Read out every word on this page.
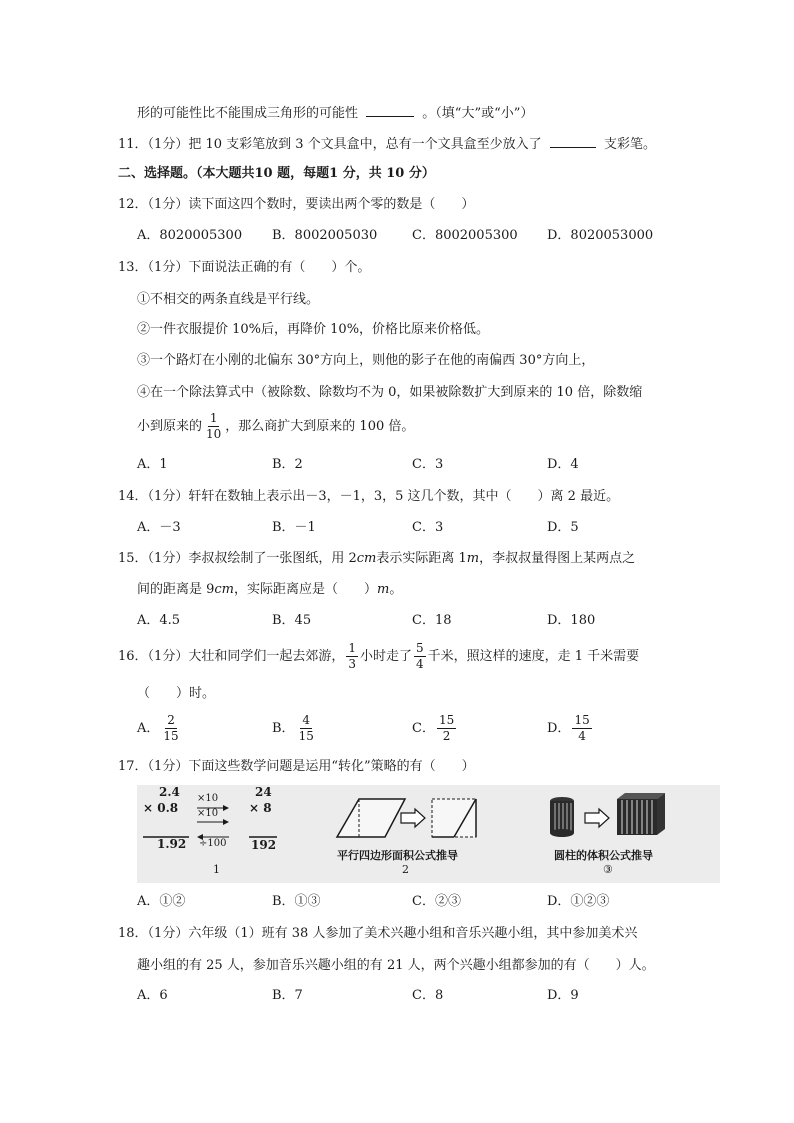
形的可能性比不能围成三角形的可能性	。（填“大”或“小”）
11．（1分）把 10 支彩笔放到 3 个文具盒中，总有一个文具盒至少放入了	支彩笔。
二、选择题。（本大题共10 题，每题1 分，共 10 分）
12．（1分）读下面这四个数时，要读出两个零的数是（　　）
A．8020005300 B．8002005030	C．8002005300 D．8020053000
13．（1分）下面说法正确的有（　　）个。
①不相交的两条直线是平行线。
②一件衣服提价 10%后，再降价 10%，价格比原来价格低。
③一个路灯在小刚的北偏东 30°方向上，则他的影子在他的南偏西 30°方向上，
④在一个除法算式中（被除数、除数均不为 0，如果被除数扩大到原来的 10 倍，除数缩
小到原来的 $\frac{1}{10}$ ，那么商扩大到原来的 100 倍。
A．1	B．2	C．3	D．4
14．（1分）轩轩在数轴上表示出－3，－1，3，5 这几个数，其中（　　）离 2 最近。
A．－3	B．－1	C．3	D．5
15．（1分）李叔叔绘制了一张图纸，用 2cm表示实际距离 1m，李叔叔量得图上某两点之
间的距离是 9cm，实际距离应是（　　）m。
A．4.5	B．45	C．18	D．180
16．（1分）大壮和同学们一起去郊游， $\frac{1}{3}$ 小时走了 $\frac{5}{4}$ 千米，照这样的速度，走 1 千米需要
（　　）时。
A． $\frac{2}{15}$	B． $\frac{4}{15}$	C． $\frac{15}{2}$	D． $\frac{15}{4}$
17．（1分）下面这些数学问题是运用“转化”策略的有（　　）
2.4
× 0.8
1.92
×10
×10
÷100
24
× 8
192
1
平行四边形面积公式推导
2
圆柱的体积公式推导
③
A．①②	B．①③	C．②③	D．①②③
18．（1分）六年级（1）班有 38 人参加了美术兴趣小组和音乐兴趣小组，其中参加美术兴
趣小组的有 25 人，参加音乐兴趣小组的有 21 人，两个兴趣小组都参加的有（　　）人。
A．6	B．7	C．8	D．9
